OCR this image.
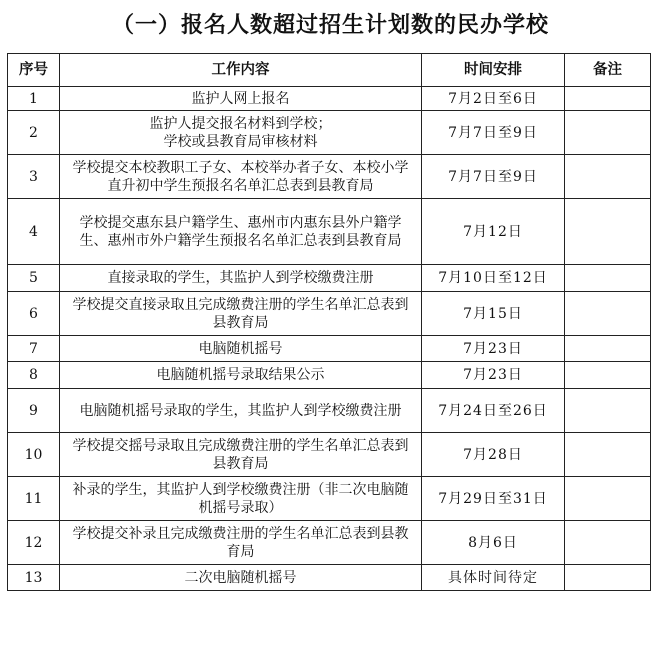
（一）报名人数超过招生计划数的民办学校
序号	工作内容	时间安排	备注
1	监护人网上报名	7月2日至6日	
2	监护人提交报名材料到学校；
学校或县教育局审核材料	7月7日至9日	
3	学校提交本校教职工子女、本校举办者子女、本校小学直升初中学生预报名名单汇总表到县教育局	7月7日至9日	
4	学校提交惠东县户籍学生、惠州市内惠东县外户籍学生、惠州市外户籍学生预报名名单汇总表到县教育局	7月12日	
5	直接录取的学生，其监护人到学校缴费注册	7月10日至12日	
6	学校提交直接录取且完成缴费注册的学生名单汇总表到县教育局	7月15日	
7	电脑随机摇号	7月23日	
8	电脑随机摇号录取结果公示	7月23日	
9	电脑随机摇号录取的学生，其监护人到学校缴费注册	7月24日至26日	
10	学校提交摇号录取且完成缴费注册的学生名单汇总表到县教育局	7月28日	
11	补录的学生，其监护人到学校缴费注册（非二次电脑随机摇号录取）	7月29日至31日	
12	学校提交补录且完成缴费注册的学生名单汇总表到县教育局	8月6日	
13	二次电脑随机摇号	具体时间待定	
